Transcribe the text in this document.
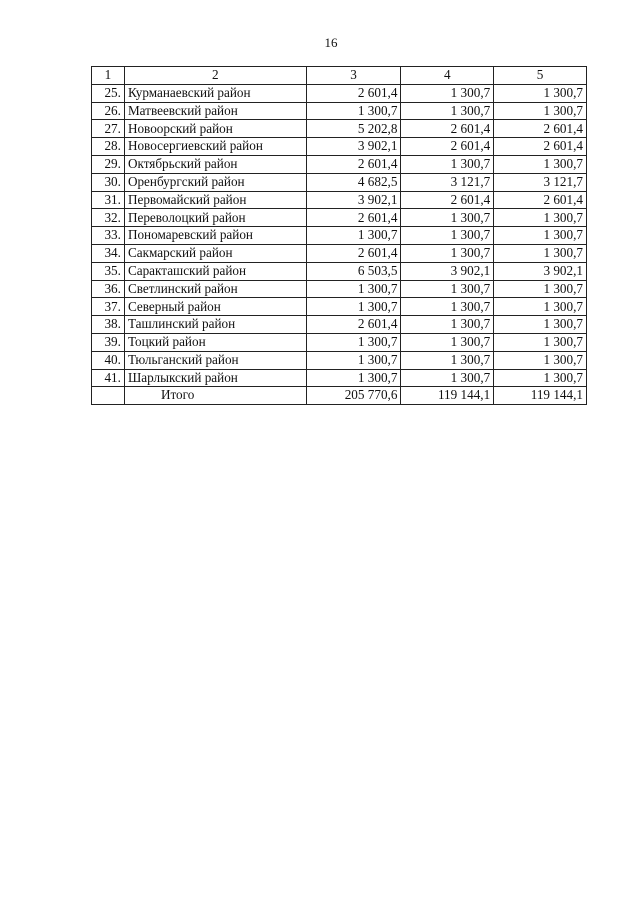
16
1	2	3	4	5
25.	Курманаевский район	2 601,4	1 300,7	1 300,7
26.	Матвеевский район	1 300,7	1 300,7	1 300,7
27.	Новоорский район	5 202,8	2 601,4	2 601,4
28.	Новосергиевский район	3 902,1	2 601,4	2 601,4
29.	Октябрьский район	2 601,4	1 300,7	1 300,7
30.	Оренбургский район	4 682,5	3 121,7	3 121,7
31.	Первомайский район	3 902,1	2 601,4	2 601,4
32.	Переволоцкий район	2 601,4	1 300,7	1 300,7
33.	Пономаревский район	1 300,7	1 300,7	1 300,7
34.	Сакмарский район	2 601,4	1 300,7	1 300,7
35.	Саракташский район	6 503,5	3 902,1	3 902,1
36.	Светлинский район	1 300,7	1 300,7	1 300,7
37.	Северный район	1 300,7	1 300,7	1 300,7
38.	Ташлинский район	2 601,4	1 300,7	1 300,7
39.	Тоцкий район	1 300,7	1 300,7	1 300,7
40.	Тюльганский район	1 300,7	1 300,7	1 300,7
41.	Шарлыкский район	1 300,7	1 300,7	1 300,7
	Итого	205 770,6	119 144,1	119 144,1
